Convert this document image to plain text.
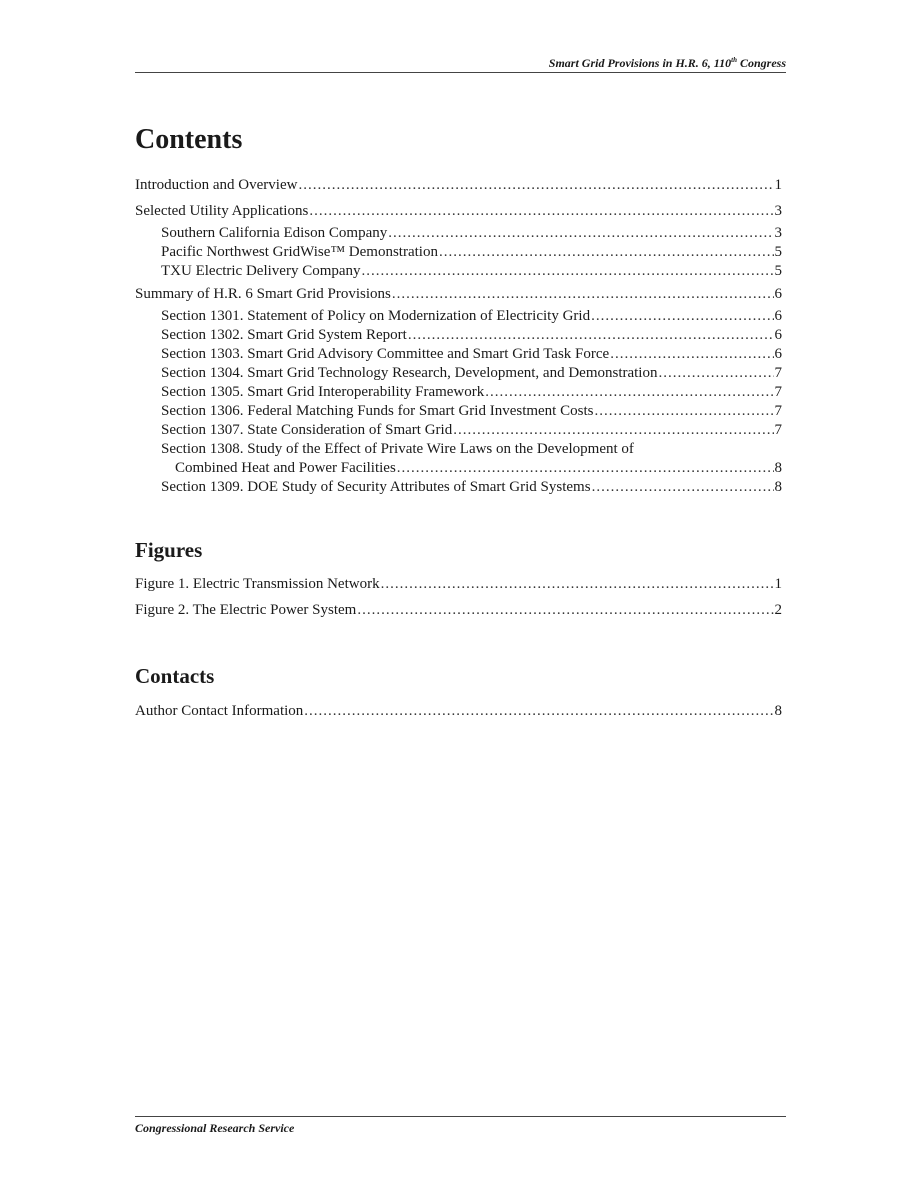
Smart Grid Provisions in H.R. 6, 110th Congress
Contents
Introduction and Overview .....	1
Selected Utility Applications .....	3
Southern California Edison Company .....	3
Pacific Northwest GridWise™ Demonstration .....	5
TXU Electric Delivery Company .....	5
Summary of H.R. 6 Smart Grid Provisions .....	6
Section 1301. Statement of Policy on Modernization of Electricity Grid .....	6
Section 1302. Smart Grid System Report .....	6
Section 1303. Smart Grid Advisory Committee and Smart Grid Task Force .....	6
Section 1304. Smart Grid Technology Research, Development, and Demonstration .....	7
Section 1305. Smart Grid Interoperability Framework .....	7
Section 1306. Federal Matching Funds for Smart Grid Investment Costs .....	7
Section 1307. State Consideration of Smart Grid .....	7
Section 1308. Study of the Effect of Private Wire Laws on the Development of
Combined Heat and Power Facilities .....	8
Section 1309. DOE Study of Security Attributes of Smart Grid Systems .....	8
Figures
Figure 1. Electric Transmission Network .....	1
Figure 2. The Electric Power System .....	2
Contacts
Author Contact Information .....	8
Congressional Research Service
